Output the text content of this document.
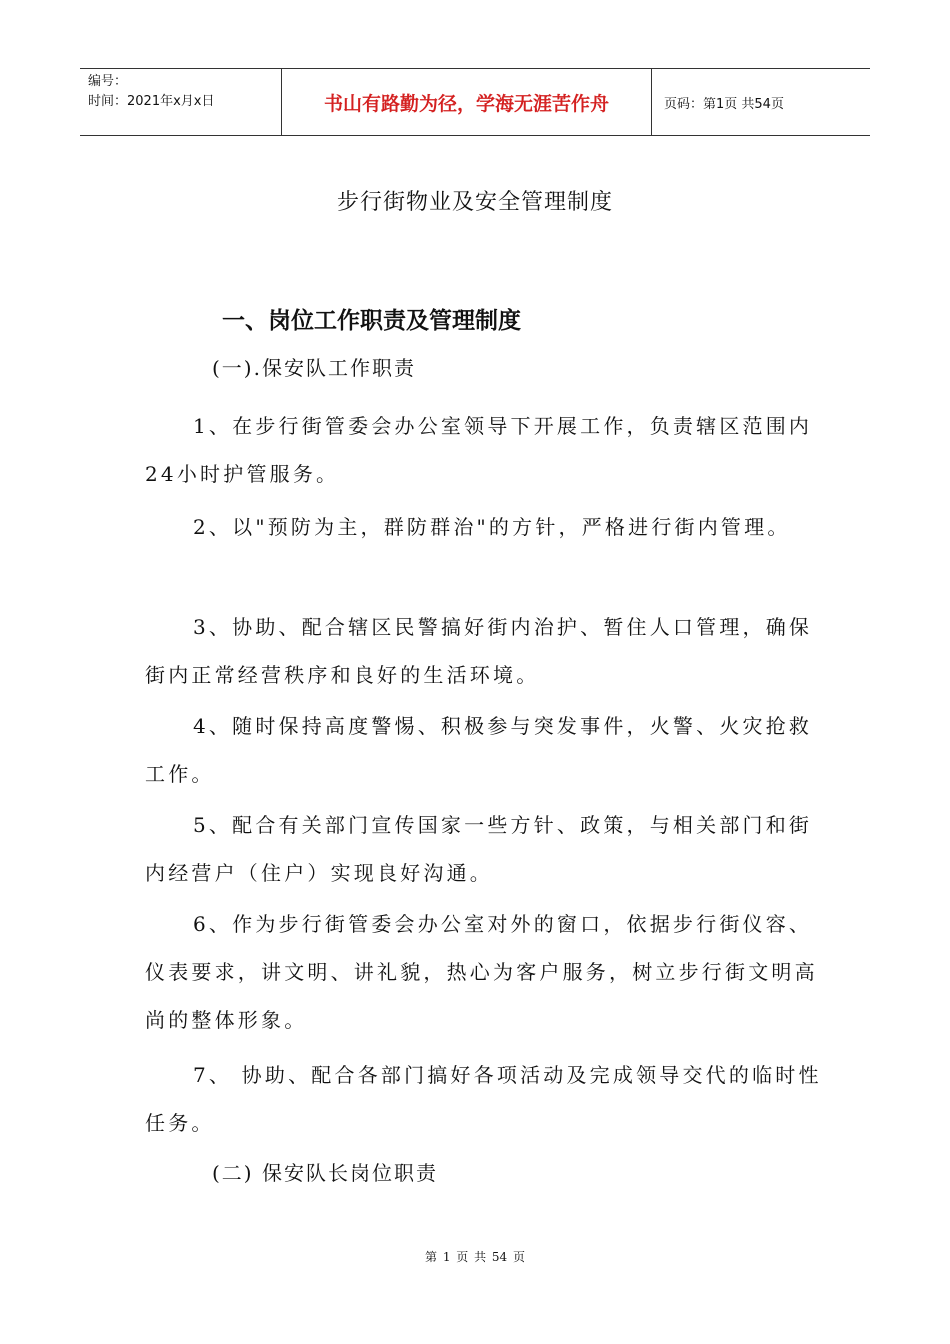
编号：
时间：2021年x月x日	书山有路勤为径，学海无涯苦作舟	页码：第1页 共54页
步行街物业及安全管理制度
一、岗位工作职责及管理制度
(一).保安队工作职责

1、在步行街管委会办公室领导下开展工作，负责辖区范围内24小时护管服务。

2、以"预防为主，群防群治"的方针，严格进行街内管理。

3、协助、配合辖区民警搞好街内治护、暂住人口管理，确保街内正常经营秩序和良好的生活环境。

4、随时保持高度警惕、积极参与突发事件，火警、火灾抢救工作。

5、配合有关部门宣传国家一些方针、政策，与相关部门和街内经营户（住户）实现良好沟通。

6、作为步行街管委会办公室对外的窗口，依据步行街仪容、仪表要求，讲文明、讲礼貌，热心为客户服务，树立步行街文明高尚的整体形象。

7、 协助、配合各部门搞好各项活动及完成领导交代的临时性任务。

(二) 保安队长岗位职责
第 1 页 共 54 页
